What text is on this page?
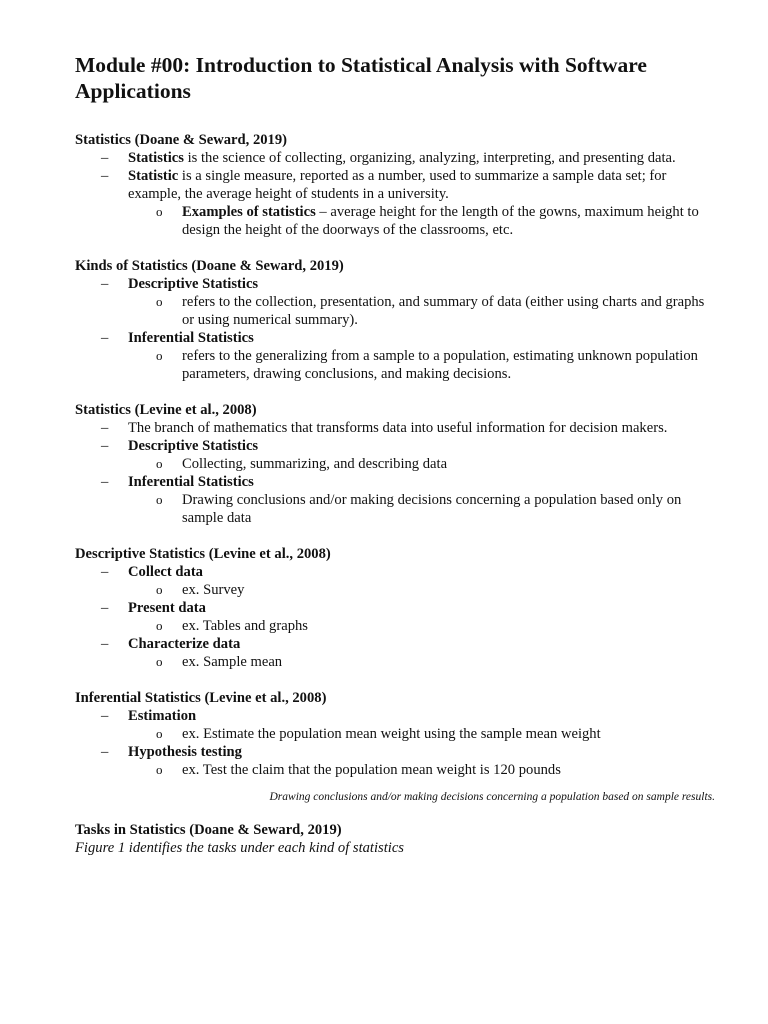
Module #00: Introduction to Statistical Analysis with Software Applications
Statistics (Doane & Seward, 2019)
– Statistics is the science of collecting, organizing, analyzing, interpreting, and presenting data.
– Statistic is a single measure, reported as a number, used to summarize a sample data set; for example, the average height of students in a university.
o Examples of statistics – average height for the length of the gowns, maximum height to design the height of the doorways of the classrooms, etc.
Kinds of Statistics (Doane & Seward, 2019)
– Descriptive Statistics
o refers to the collection, presentation, and summary of data (either using charts and graphs or using numerical summary).
– Inferential Statistics
o refers to the generalizing from a sample to a population, estimating unknown population parameters, drawing conclusions, and making decisions.
Statistics (Levine et al., 2008)
– The branch of mathematics that transforms data into useful information for decision makers.
– Descriptive Statistics
o Collecting, summarizing, and describing data
– Inferential Statistics
o Drawing conclusions and/or making decisions concerning a population based only on sample data
Descriptive Statistics (Levine et al., 2008)
– Collect data
o ex. Survey
– Present data
o ex. Tables and graphs
– Characterize data
o ex. Sample mean
Inferential Statistics (Levine et al., 2008)
– Estimation
o ex. Estimate the population mean weight using the sample mean weight
– Hypothesis testing
o ex. Test the claim that the population mean weight is 120 pounds
Drawing conclusions and/or making decisions concerning a population based on sample results.
Tasks in Statistics (Doane & Seward, 2019)
Figure 1 identifies the tasks under each kind of statistics
